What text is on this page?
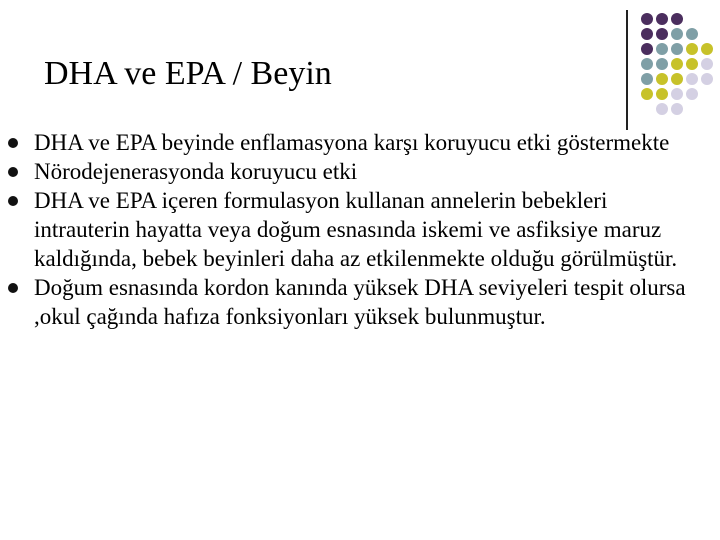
DHA ve EPA / Beyin
DHA ve EPA beyinde enflamasyona karşı koruyucu etki göstermekte
Nörodejenerasyonda koruyucu etki
DHA ve EPA içeren formulasyon kullanan annelerin bebekleri intrauterin hayatta veya doğum esnasında iskemi ve asfiksiye maruz kaldığında, bebek beyinleri daha az etkilenmekte olduğu görülmüştür.
Doğum esnasında kordon kanında yüksek DHA seviyeleri tespit olursa ,okul çağında hafıza fonksiyonları yüksek bulunmuştur.
